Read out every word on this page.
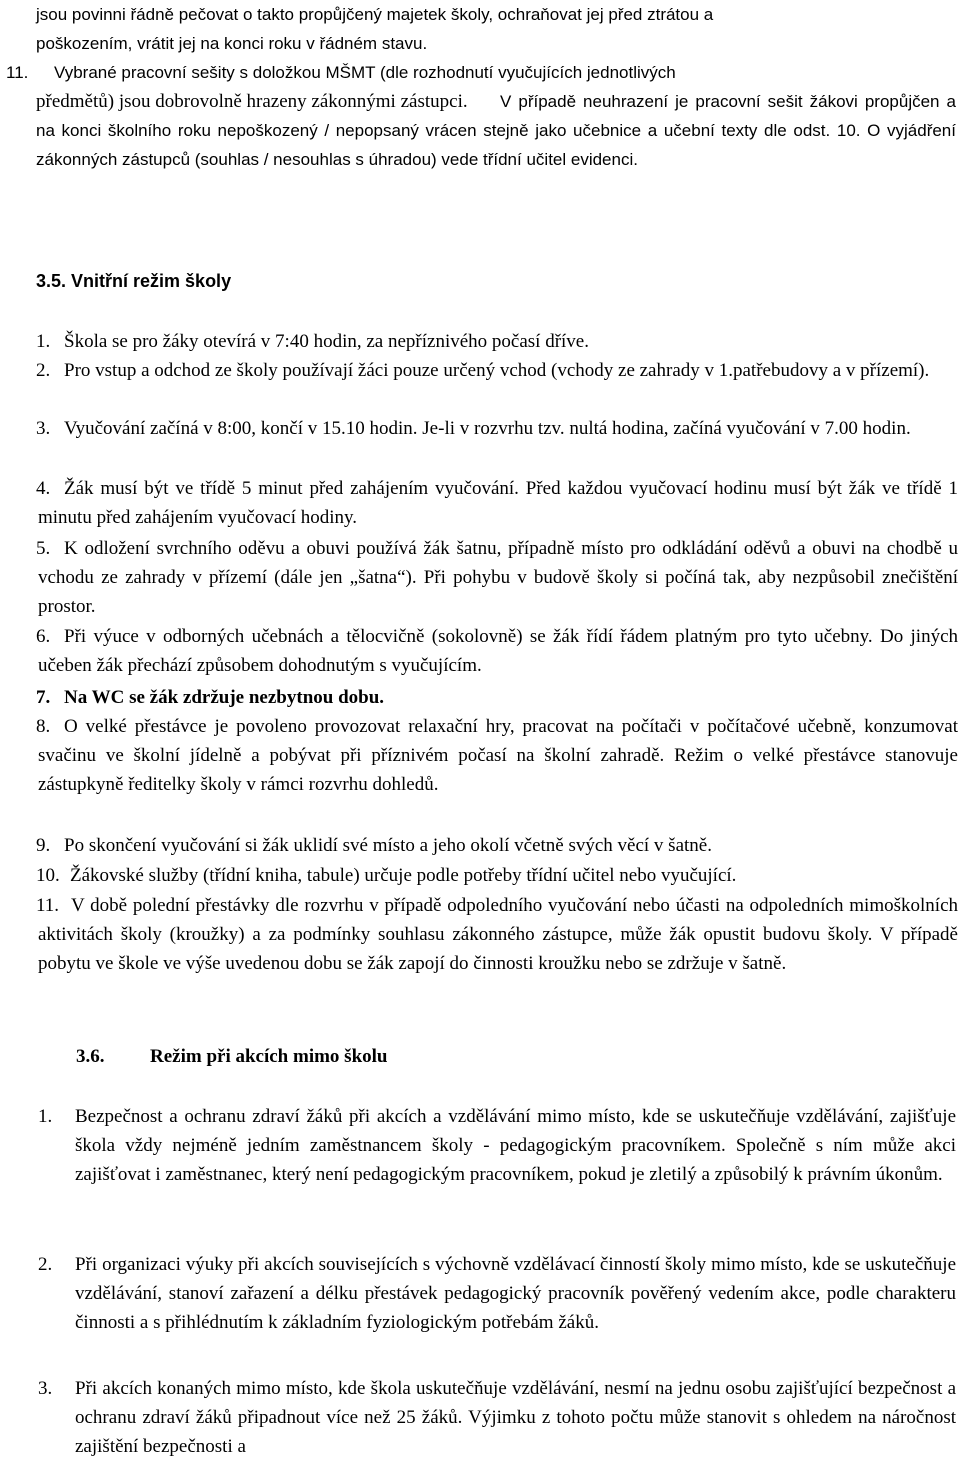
jsou povinni řádně pečovat o takto propůjčený majetek školy, ochraňovat jej před ztrátou a
poškozením, vrátit jej na konci roku v řádném stavu.
11. Vybrané pracovní sešity s doložkou MŠMT (dle rozhodnutí vyučujících jednotlivých
předmětů) jsou dobrovolně hrazeny zákonnými zástupci.	V případě neuhrazení je pracovní sešit žákovi propůjčen a na konci školního roku nepoškozený / nepopsaný vrácen stejně jako učebnice a učební texty dle odst. 10. O vyjádření zákonných zástupců (souhlas / nesouhlas s úhradou) vede třídní učitel evidenci.
3.5. Vnitřní režim školy
1. Škola se pro žáky otevírá v 7:40 hodin, za nepříznivého počasí dříve.
2. Pro vstup a odchod ze školy používají žáci pouze určený vchod (vchody ze zahrady v 1.patřebudovy a v přízemí).
3. Vyučování začíná v 8:00, končí v 15.10 hodin. Je-li v rozvrhu tzv. nultá hodina, začíná vyučování v 7.00 hodin.
4. Žák musí být ve třídě 5 minut před zahájením vyučování. Před každou vyučovací hodinu musí být žák ve třídě 1 minutu před zahájením vyučovací hodiny.
5. K odložení svrchního oděvu a obuvi používá žák šatnu, případně místo pro odkládání oděvů a obuvi na chodbě u vchodu ze zahrady v přízemí (dále jen „šatna“). Při pohybu v budově školy si počíná tak, aby nezpůsobil znečištění prostor.
6. Při výuce v odborných učebnách a tělocvičně (sokolovně) se žák řídí řádem platným pro tyto učebny. Do jiných učeben žák přechází způsobem dohodnutým s vyučujícím.
7. Na WC se žák zdržuje nezbytnou dobu.
8. O velké přestávce je povoleno provozovat relaxační hry, pracovat na počítači v počítačové učebně, konzumovat svačinu ve školní jídelně a pobývat při příznivém počasí na školní zahradě. Režim o velké přestávce stanovuje zástupkyně ředitelky školy v rámci rozvrhu dohledů.
9. Po skončení vyučování si žák uklidí své místo a jeho okolí včetně svých věcí v šatně.
10. Žákovské služby (třídní kniha, tabule) určuje podle potřeby třídní učitel nebo vyučující.
11. V době polední přestávky dle rozvrhu v případě odpoledního vyučování nebo účasti na odpoledních mimoškolních aktivitách školy (kroužky) a za podmínky souhlasu zákonného zástupce, může žák opustit budovu školy. V případě pobytu ve škole ve výše uvedenou dobu se žák zapojí do činnosti kroužku nebo se zdržuje v šatně.
3.6. Režim při akcích mimo školu
1. Bezpečnost a ochranu zdraví žáků při akcích a vzdělávání mimo místo, kde se uskutečňuje vzdělávání, zajišťuje škola vždy nejméně jedním zaměstnancem školy - pedagogickým pracovníkem. Společně s ním může akci zajišťovat i zaměstnanec, který není pedagogickým pracovníkem, pokud je zletilý a způsobilý k právním úkonům.
2. Při organizaci výuky při akcích souvisejících s výchovně vzdělávací činností školy mimo místo, kde se uskutečňuje vzdělávání, stanoví zařazení a délku přestávek pedagogický pracovník pověřený vedením akce, podle charakteru činnosti a s přihlédnutím k základním fyziologickým potřebám žáků.
3. Při akcích konaných mimo místo, kde škola uskutečňuje vzdělávání, nesmí na jednu osobu zajišťující bezpečnost a ochranu zdraví žáků připadnout více než 25 žáků. Výjimku z tohoto počtu může stanovit s ohledem na náročnost zajištění bezpečnosti a
